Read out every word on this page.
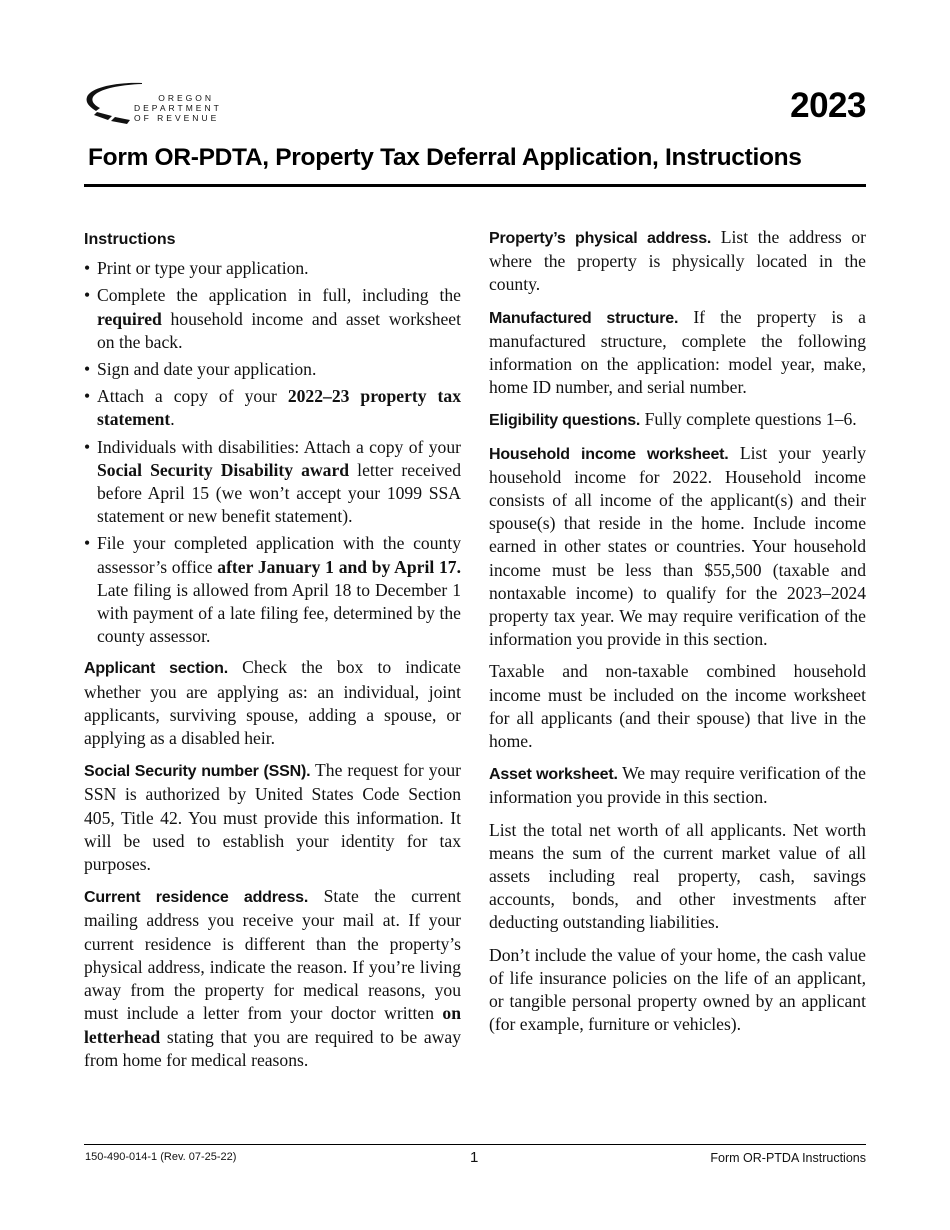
OREGON
DEPARTMENT
OF REVENUE	2023
Form OR-PDTA, Property Tax Deferral Application, Instructions
Instructions
• Print or type your application.
• Complete the application in full, including the required household income and asset worksheet on the back.
• Sign and date your application.
• Attach a copy of your 2022–23 property tax statement.
• Individuals with disabilities: Attach a copy of your Social Security Disability award letter received before April 15 (we won’t accept your 1099 SSA statement or new benefit statement).
• File your completed application with the county assessor’s office after January 1 and by April 17. Late filing is allowed from April 18 to December 1 with payment of a late filing fee, determined by the county assessor.

Applicant section. Check the box to indicate whether you are applying as: an individual, joint applicants, surviving spouse, adding a spouse, or applying as a disabled heir.

Social Security number (SSN). The request for your SSN is authorized by United States Code Section 405, Title 42. You must provide this information. It will be used to establish your identity for tax purposes.

Current residence address. State the current mailing address you receive your mail at. If your current residence is different than the property’s physical address, indicate the reason. If you’re living away from the property for medical reasons, you must include a letter from your doctor written on letterhead stating that you are required to be away from home for medical reasons.

Property’s physical address. List the address or where the property is physically located in the county.

Manufactured structure. If the property is a manufactured structure, complete the following information on the application: model year, make, home ID number, and serial number.

Eligibility questions. Fully complete questions 1–6.

Household income worksheet. List your yearly household income for 2022. Household income consists of all income of the applicant(s) and their spouse(s) that reside in the home. Include income earned in other states or countries. Your household income must be less than $55,500 (taxable and nontaxable income) to qualify for the 2023–2024 property tax year. We may require verification of the information you provide in this section.

Taxable and non-taxable combined household income must be included on the income worksheet for all applicants (and their spouse) that live in the home.

Asset worksheet. We may require verification of the information you provide in this section.

List the total net worth of all applicants. Net worth means the sum of the current market value of all assets including real property, cash, savings accounts, bonds, and other investments after deducting outstanding liabilities.

Don’t include the value of your home, the cash value of life insurance policies on the life of an applicant, or tangible personal property owned by an applicant (for example, furniture or vehicles).

150-490-014-1 (Rev. 07-25-22)	1	Form OR-PTDA Instructions
